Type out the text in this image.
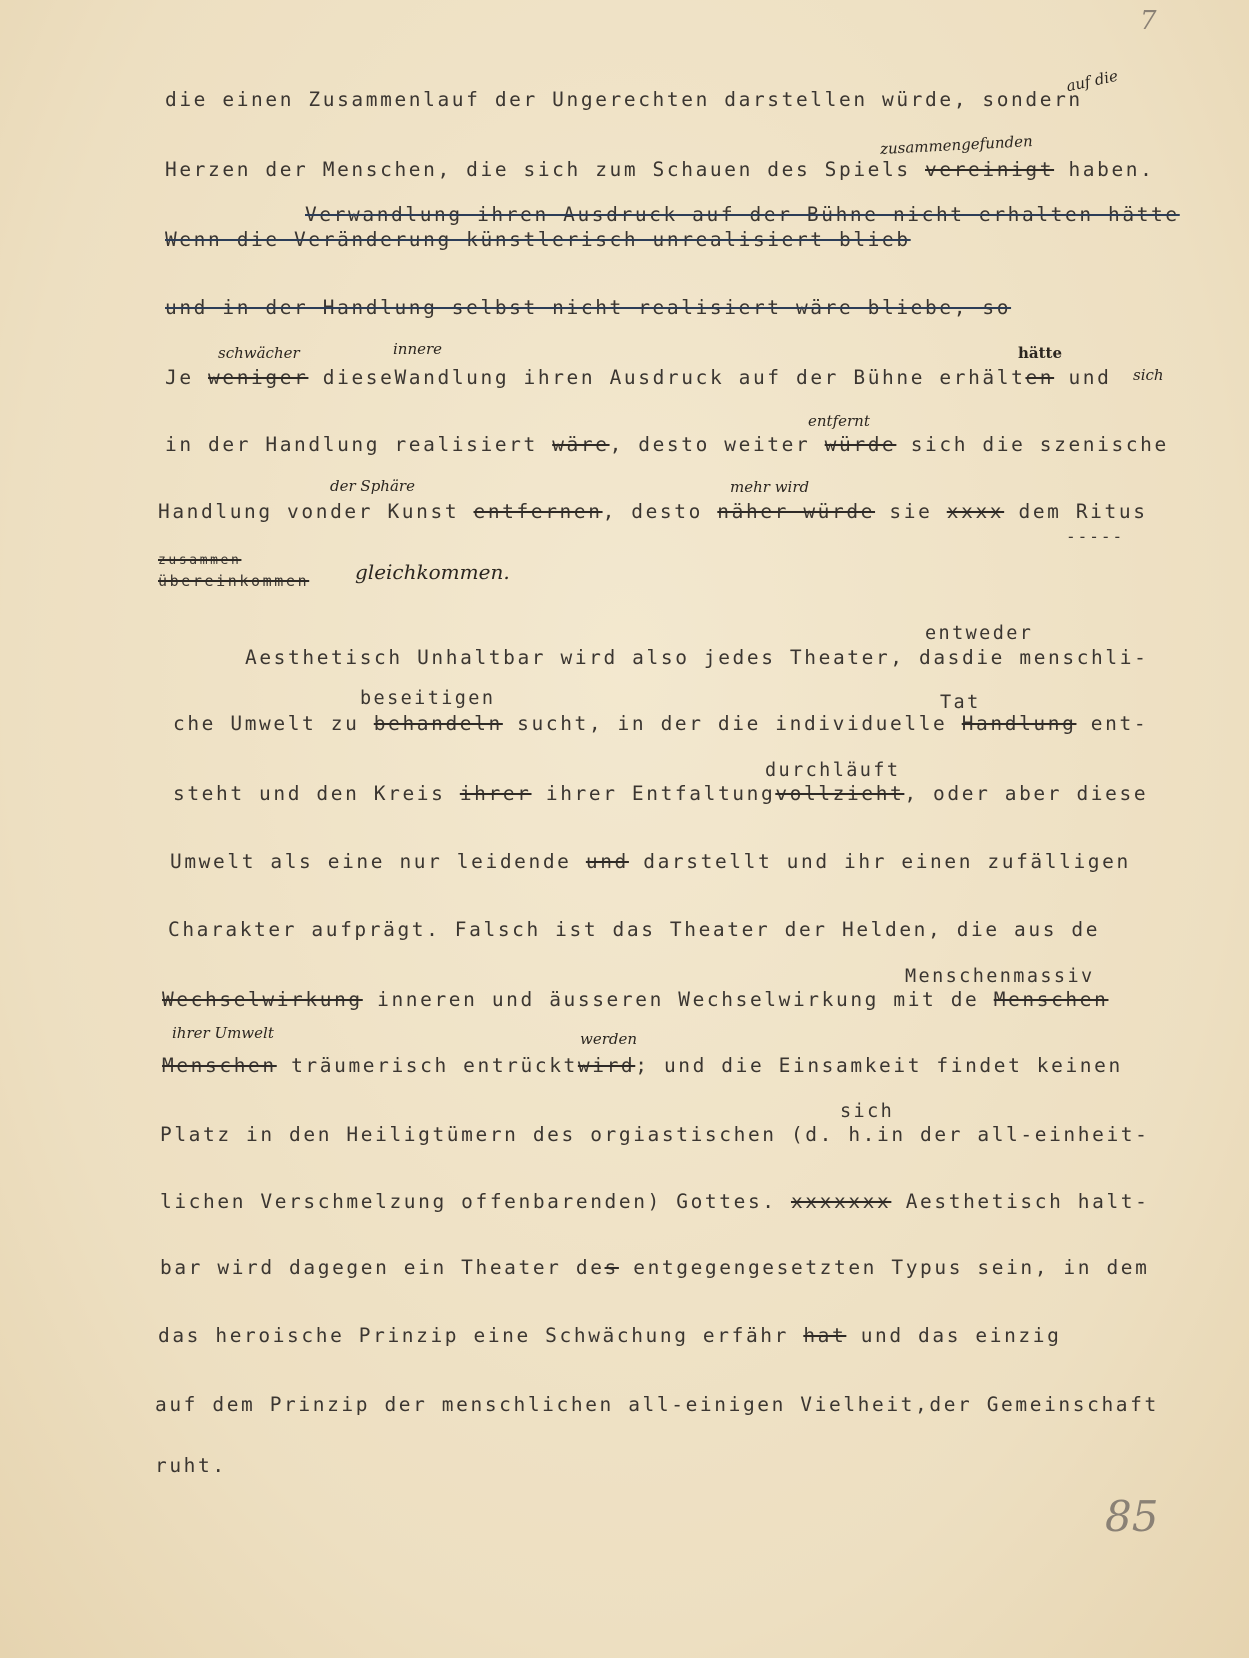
7
die einen Zusammenlauf der Ungerechten darstellen würde, sondern
auf die
zusammengefunden
Herzen der Menschen, die sich zum Schauen des Spiels vereinigt haben.
Verwandlung ihren Ausdruck auf der Bühne nicht erhalten hätte
Wenn die Veränderung künstlerisch unrealisiert blieb
und in der Handlung selbst nicht realisiert wäre bliebe, so
schwächer	innere	hätte
Je weniger dieseWandlung ihren Ausdruck auf der Bühne erhälten und sich
entfernt
in der Handlung realisiert wäre, desto weiter würde sich die szenische
der Sphäre	mehr wird
Handlung vonder Kunst entfernen, desto näher würde sie xxxx dem Ritus
-----
zusammen
übereinkommen gleichkommen.
entweder
Aesthetisch Unhaltbar wird also jedes Theater, dasdie menschli-
beseitigen	Tat
che Umwelt zu behandeln sucht, in der die individuelle Handlung ent-
durchläuft
steht und den Kreis ihrer ihrer Entfaltungvollzieht, oder aber diese
Umwelt als eine nur leidende und darstellt und ihr einen zufälligen
Charakter aufprägt. Falsch ist das Theater der Helden, die aus de
Menschenmassiv
Wechselwirkung inneren und äusseren Wechselwirkung mit de Menschen
ihrer Umwelt	werden
Menschen träumerisch entrücktwird; und die Einsamkeit findet keinen
sich
Platz in den Heiligtümern des orgiastischen (d. h.in der all-einheit-
lichen Verschmelzung offenbarenden) Gottes. xxxxxxx Aesthetisch halt-
bar wird dagegen ein Theater des entgegengesetzten Typus sein, in dem
das heroische Prinzip eine Schwächung erfähr hat und das einzig
auf dem Prinzip der menschlichen all-einigen Vielheit,der Gemeinschaft
ruht.
85
